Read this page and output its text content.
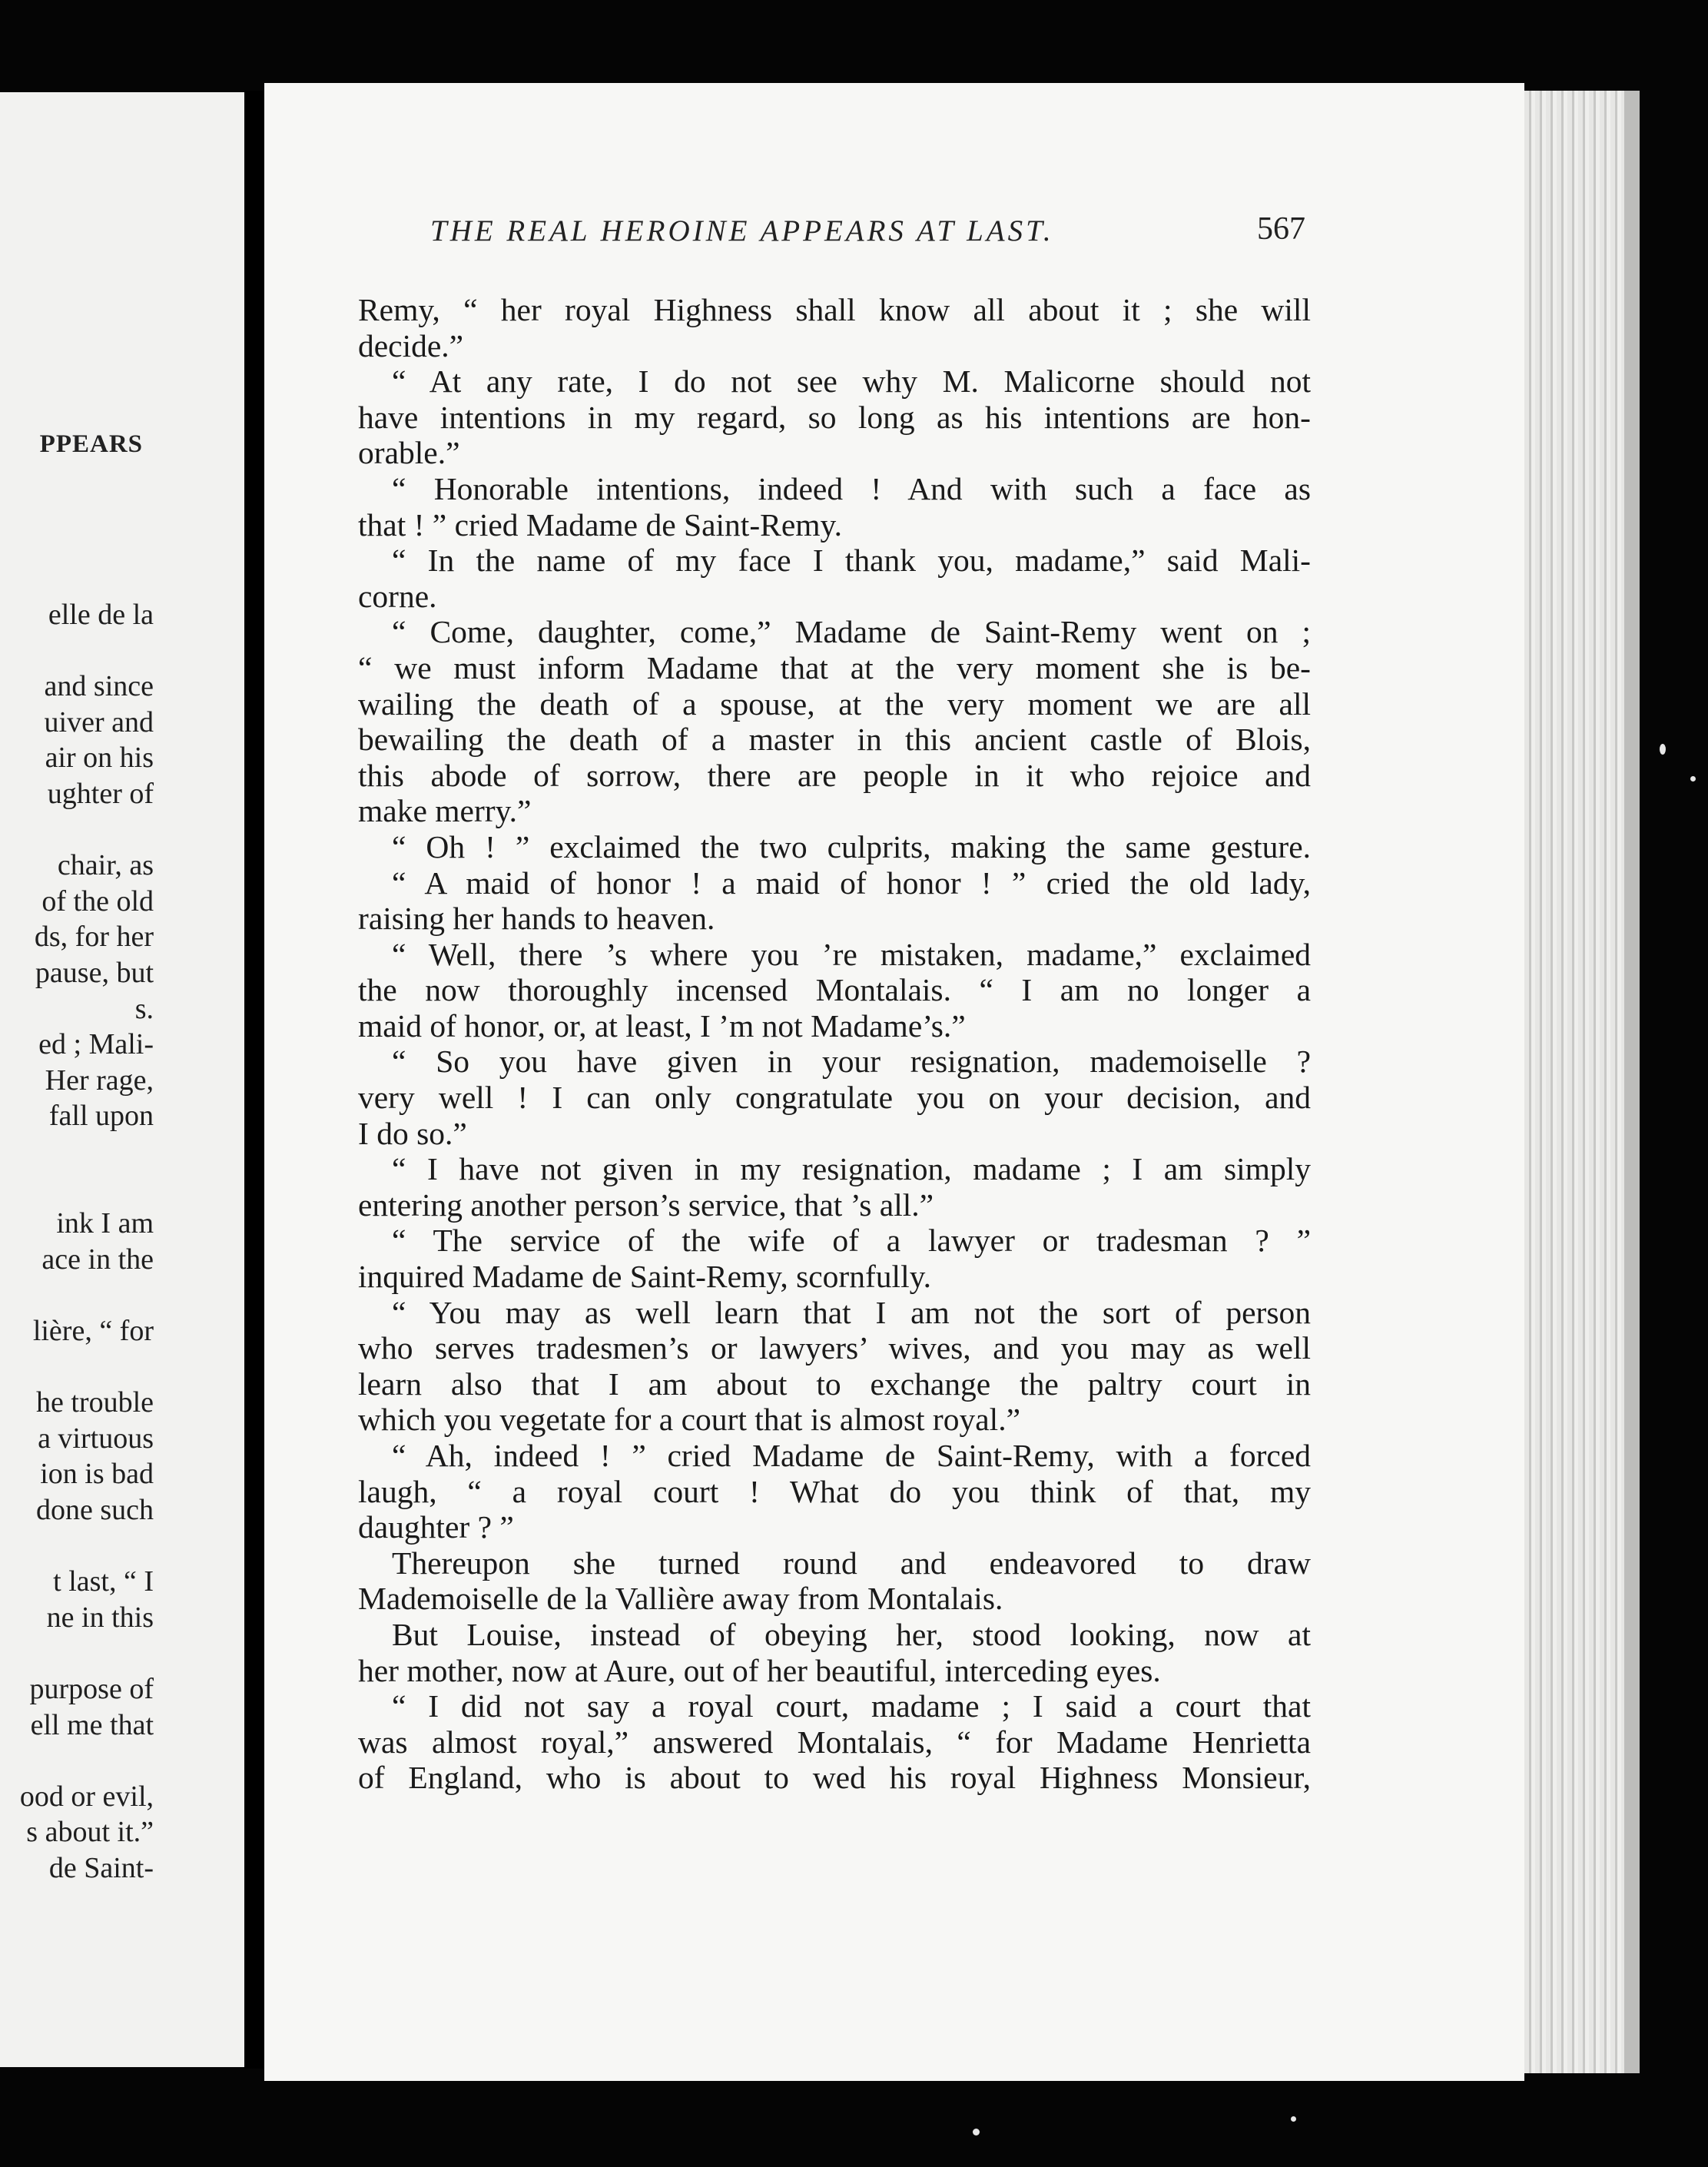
PPEARS
elle de la
and since
uiver and
air on his
ughter of
chair, as
of the old
ds, for her
pause, but
s.
ed ; Mali-
Her rage,
fall upon
ink I am
ace in the
lière, “ for
he trouble
a virtuous
ion is bad
done such
t last, “ I
ne in this
purpose of
ell me that
ood or evil,
s about it.”
de Saint-
THE REAL HEROINE APPEARS AT LAST.	567
Remy, “ her royal Highness shall know all about it ; she will
decide.”
“ At any rate, I do not see why M. Malicorne should not
have intentions in my regard, so long as his intentions are hon-
orable.”
“ Honorable intentions, indeed ! And with such a face as
that ! ” cried Madame de Saint-Remy.
“ In the name of my face I thank you, madame,” said Mali-
corne.
“ Come, daughter, come,” Madame de Saint-Remy went on ;
“ we must inform Madame that at the very moment she is be-
wailing the death of a spouse, at the very moment we are all
bewailing the death of a master in this ancient castle of Blois,
this abode of sorrow, there are people in it who rejoice and
make merry.”
“ Oh ! ” exclaimed the two culprits, making the same gesture.
“ A maid of honor ! a maid of honor ! ” cried the old lady,
raising her hands to heaven.
“ Well, there ’s where you ’re mistaken, madame,” exclaimed
the now thoroughly incensed Montalais. “ I am no longer a
maid of honor, or, at least, I ’m not Madame’s.”
“ So you have given in your resignation, mademoiselle ?
very well ! I can only congratulate you on your decision, and
I do so.”
“ I have not given in my resignation, madame ; I am simply
entering another person’s service, that ’s all.”
“ The service of the wife of a lawyer or tradesman ? ”
inquired Madame de Saint-Remy, scornfully.
“ You may as well learn that I am not the sort of person
who serves tradesmen’s or lawyers’ wives, and you may as well
learn also that I am about to exchange the paltry court in
which you vegetate for a court that is almost royal.”
“ Ah, indeed ! ” cried Madame de Saint-Remy, with a forced
laugh, “ a royal court ! What do you think of that, my
daughter ? ”
Thereupon she turned round and endeavored to draw
Mademoiselle de la Vallière away from Montalais.
But Louise, instead of obeying her, stood looking, now at
her mother, now at Aure, out of her beautiful, interceding eyes.
“ I did not say a royal court, madame ; I said a court that
was almost royal,” answered Montalais, “ for Madame Henrietta
of England, who is about to wed his royal Highness Monsieur,
